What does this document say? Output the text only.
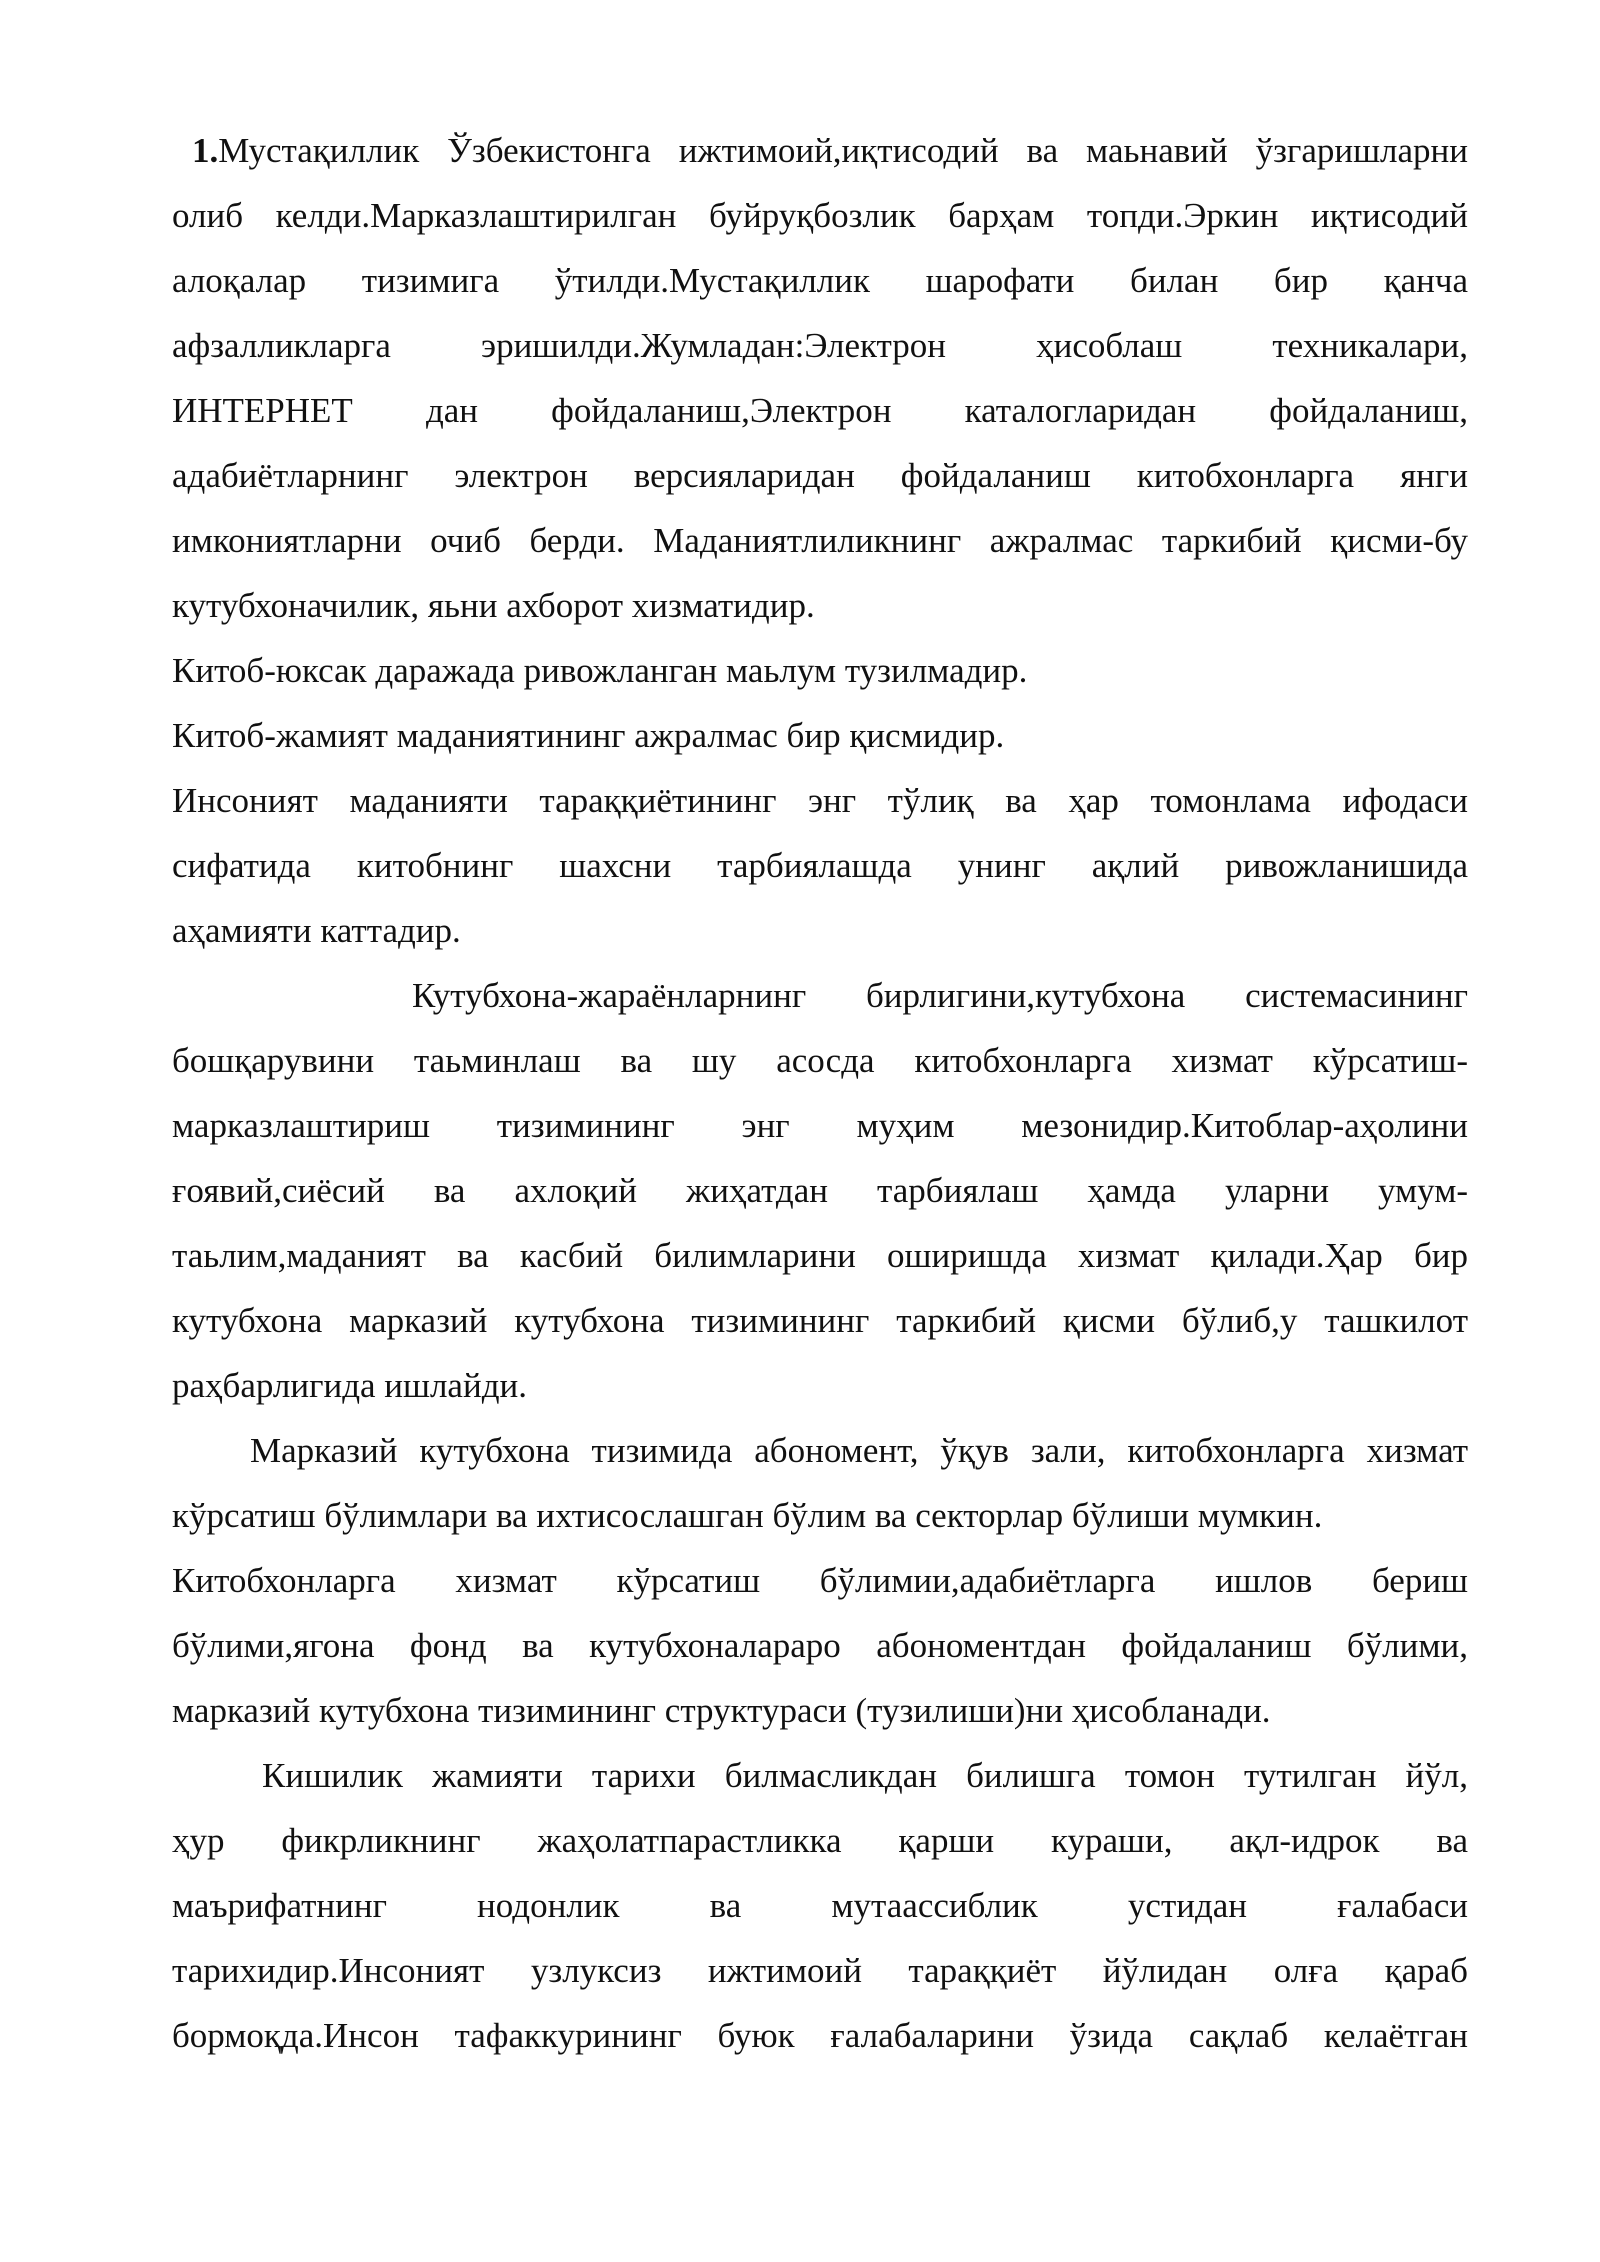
1.Мустақиллик Ўзбекистонга ижтимоий,иқтисодий ва маьнавий ўзгаришларни
олиб келди.Марказлаштирилган буйруқбозлик барҳам топди.Эркин иқтисодий
алоқалар тизимига ўтилди.Мустақиллик шарофати билан бир қанча
афзалликларга эришилди.Жумладан:Электрон ҳисоблаш техникалари,
ИНТЕРНЕТ дан фойдаланиш,Электрон каталогларидан фойдаланиш,
адабиётларнинг электрон версияларидан фойдаланиш китобхонларга янги
имкониятларни очиб берди. Маданиятлиликнинг ажралмас таркибий қисми-бу
кутубхоначилик, яьни ахборот хизматидир.
Китоб-юксак даражада ривожланган маьлум тузилмадир.
Китоб-жамият маданиятининг ажралмас бир қисмидир.
Инсоният маданияти тараққиётининг энг тўлиқ ва ҳар томонлама ифодаси
сифатида китобнинг шахсни тарбиялашда унинг ақлий ривожланишида
аҳамияти каттадир.
Кутубхона-жараёнларнинг бирлигини,кутубхона системасининг
бошқарувини таьминлаш ва шу асосда китобхонларга хизмат кўрсатиш-
марказлаштириш тизимининг энг муҳим мезонидир.Китоблар-аҳолини
ғоявий,сиёсий ва ахлоқий жиҳатдан тарбиялаш ҳамда уларни умум-
таьлим,маданият ва касбий билимларини оширишда хизмат қилади.Ҳар бир
кутубхона марказий кутубхона тизимининг таркибий қисми бўлиб,у ташкилот
раҳбарлигида ишлайди.
Марказий кутубхона тизимида абономент, ўқув зали, китобхонларга хизмат
кўрсатиш бўлимлари ва ихтисослашган бўлим ва секторлар бўлиши мумкин.
Китобхонларга хизмат кўрсатиш бўлимии,адабиётларга ишлов бериш
бўлими,ягона фонд ва кутубхоналараро абономентдан фойдаланиш бўлими,
марказий кутубхона тизимининг структураси (тузилиши)ни ҳисобланади.
Кишилик жамияти тарихи билмасликдан билишга томон тутилган йўл,
ҳур фикрликнинг жаҳолатпарастликка қарши кураши, ақл-идрок ва
маърифатнинг нодонлик ва мутаассиблик устидан ғалабаси
тарихидир.Инсоният узлуксиз ижтимоий тараққиёт йўлидан олға қараб
бормоқда.Инсон тафаккурининг буюк ғалабаларини ўзида сақлаб келаётган
